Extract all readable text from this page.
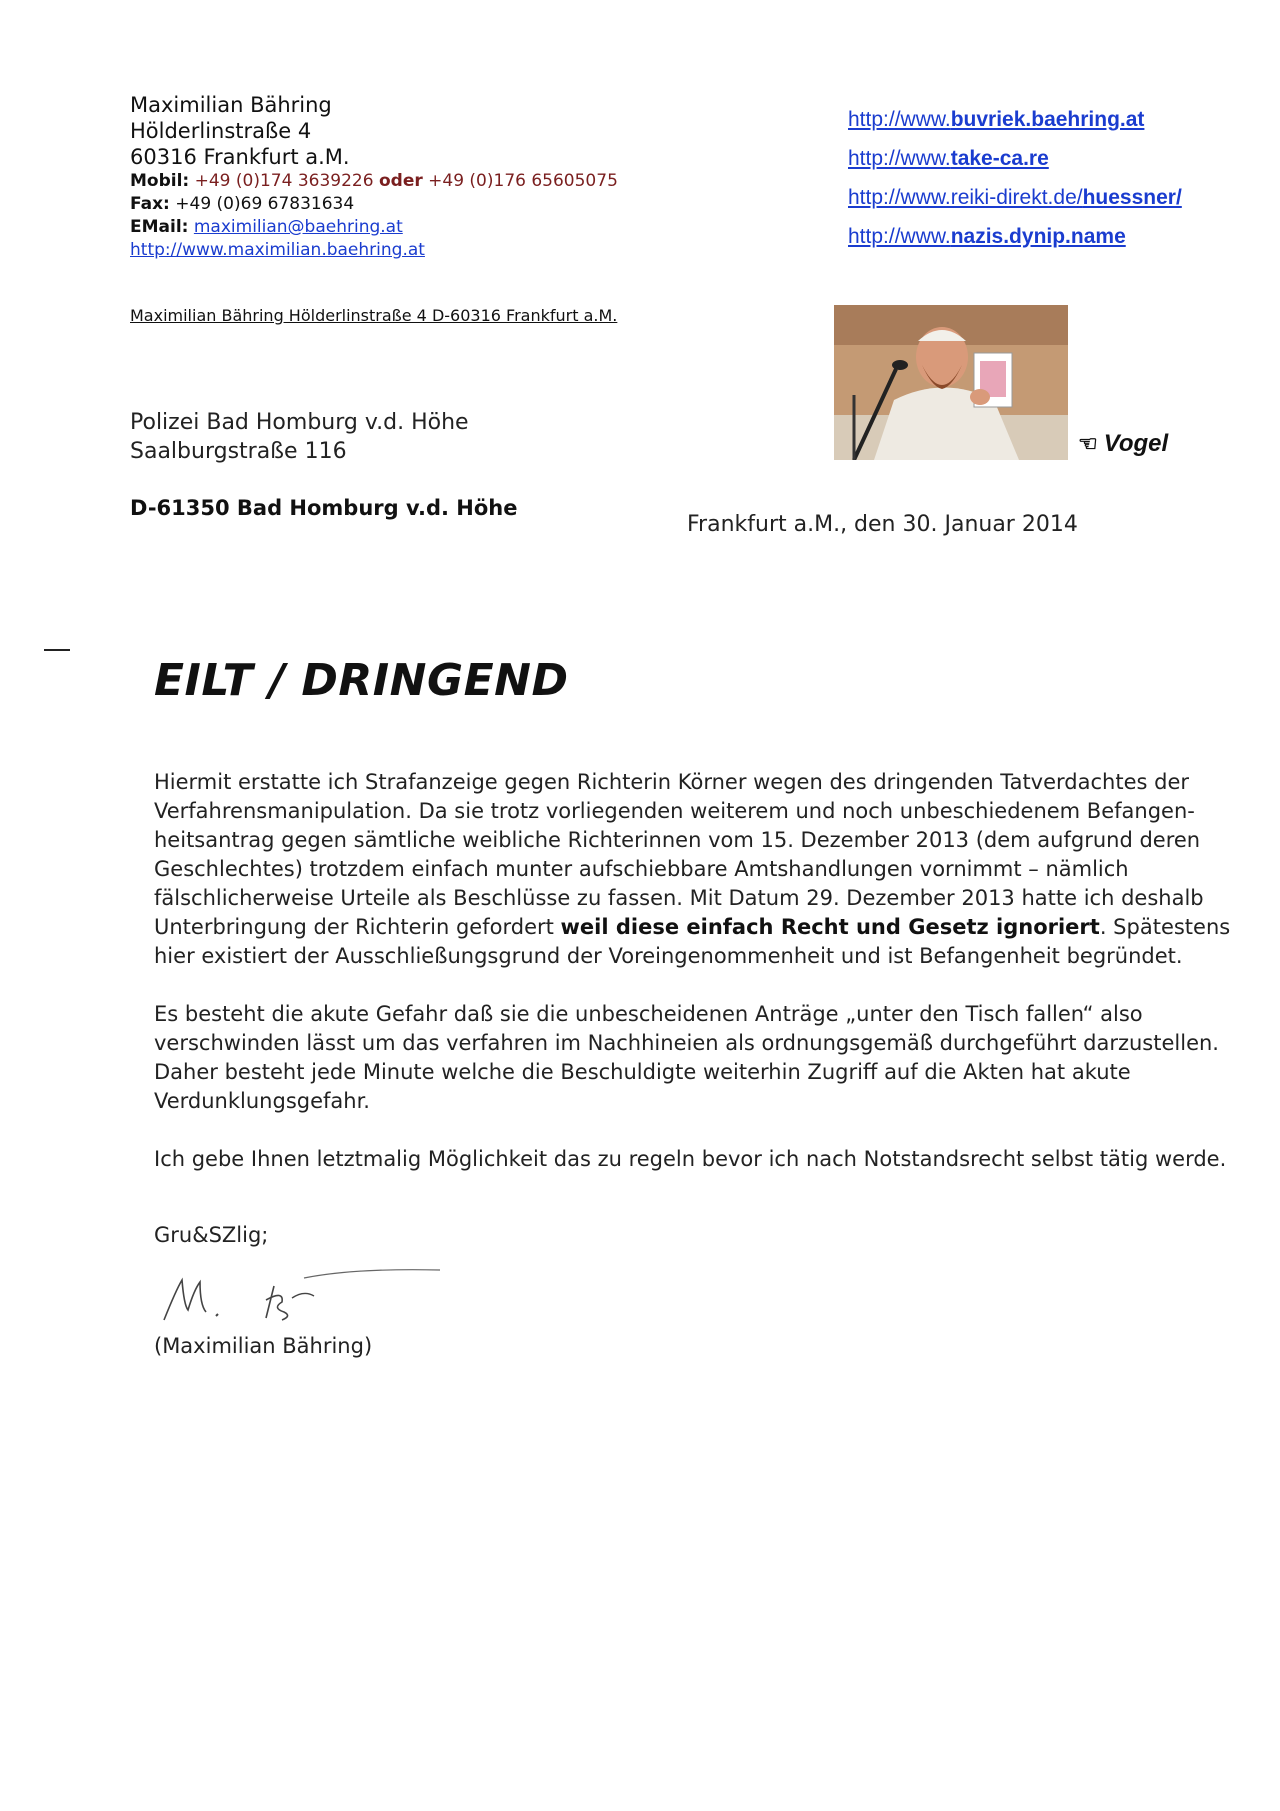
Maximilian Bähring
Hölderlinstraße 4
60316 Frankfurt a.M.
Mobil: +49 (0)174 3639226 oder +49 (0)176 65605075
Fax: +49 (0)69 67831634
EMail: maximilian@baehring.at
http://www.maximilian.baehring.at
http://www.buvriek.baehring.at
http://www.take-ca.re
http://www.reiki-direkt.de/huessner/
http://www.nazis.dynip.name
Maximilian Bähring Hölderlinstraße 4 D-60316 Frankfurt a.M.
☜ Vogel
Polizei Bad Homburg v.d. Höhe
Saalburgstraße 116
D-61350 Bad Homburg v.d. Höhe
Frankfurt a.M., den 30. Januar 2014
EILT / DRINGEND

Hiermit erstatte ich Strafanzeige gegen Richterin Körner wegen des dringenden Tatverdachtes der
Verfahrensmanipulation. Da sie trotz vorliegenden weiterem und noch unbeschiedenem Befangen-
heitsantrag gegen sämtliche weibliche Richterinnen vom 15. Dezember 2013 (dem aufgrund deren
Geschlechtes) trotzdem einfach munter aufschiebbare Amtshandlungen vornimmt – nämlich
fälschlicherweise Urteile als Beschlüsse zu fassen. Mit Datum 29. Dezember 2013 hatte ich deshalb
Unterbringung der Richterin gefordert weil diese einfach Recht und Gesetz ignoriert. Spätestens
hier existiert der Ausschließungsgrund der Voreingenommenheit und ist Befangenheit begründet.

Es besteht die akute Gefahr daß sie die unbescheidenen Anträge „unter den Tisch fallen“ also
verschwinden lässt um das verfahren im Nachhineien als ordnungsgemäß durchgeführt darzustellen.
Daher besteht jede Minute welche die Beschuldigte weiterhin Zugriff auf die Akten hat akute
Verdunklungsgefahr.

Ich gebe Ihnen letztmalig Möglichkeit das zu regeln bevor ich nach Notstandsrecht selbst tätig werde.

Gru&SZlig;
(Maximilian Bähring)
